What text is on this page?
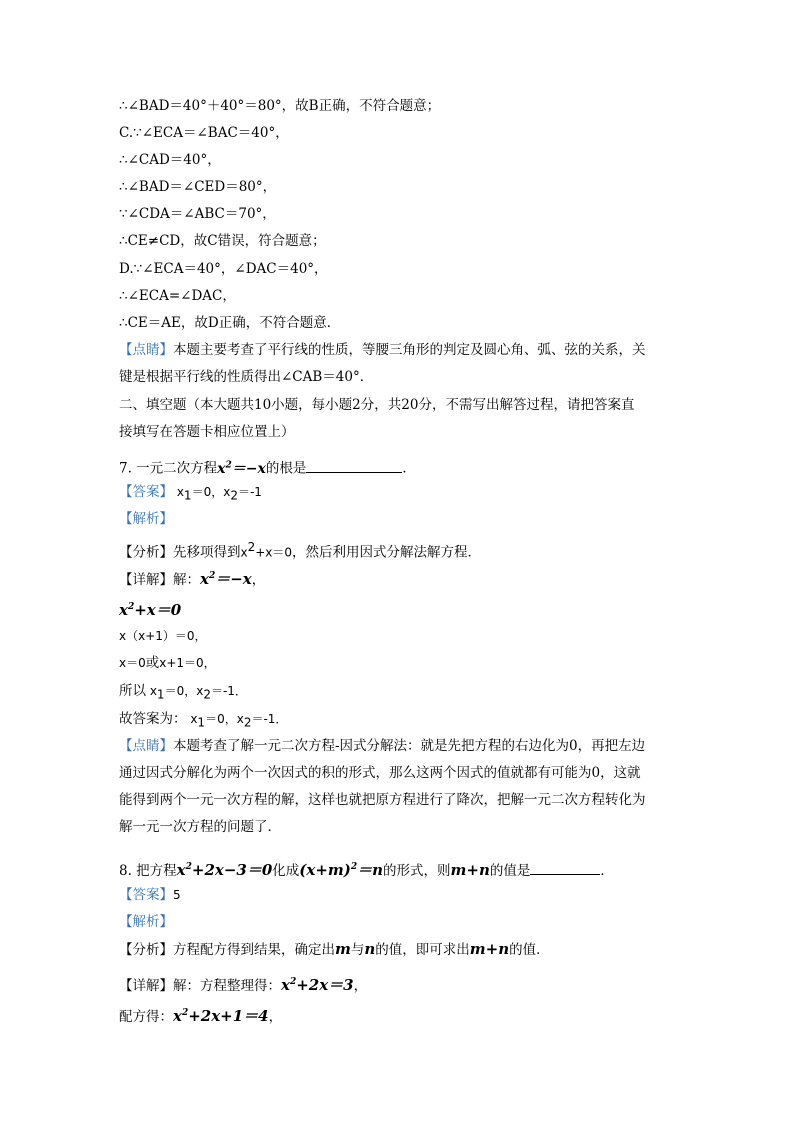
∴∠BAD＝40°＋40°＝80°，故B正确，不符合题意；
C.∵∠ECA＝∠BAC＝40°，
∴∠CAD＝40°，
∴∠BAD＝∠CED＝80°，
∵∠CDA＝∠ABC＝70°，
∴CE≠CD，故C错误，符合题意；
D.∵∠ECA＝40°，∠DAC＝40°，
∴∠ECA=∠DAC，
∴CE＝AE，故D正确，不符合题意．
【点睛】本题主要考查了平行线的性质，等腰三角形的判定及圆心角、弧、弦的关系，关
键是根据平行线的性质得出∠CAB＝40°．
二、填空题（本大题共10小题，每小题2分，共20分，不需写出解答过程，请把答案直
接填写在答题卡相应位置上）
7. 一元二次方程$x^2=-x$的根是	．
【答案】 $x_1=0$，$x_2=-1$
【解析】
【分析】先移项得到$x^2+x=0$，然后利用因式分解法解方程．
【详解】解：$x^2=-x$，
$x^2+x=0$
x（x+1）＝0，
x＝0或x+1＝0，
所以 $x_1=0$，$x_2=-1$．
故答案为： $x_1=0$，$x_2=-1$．
【点睛】本题考查了解一元二次方程-因式分解法：就是先把方程的右边化为0，再把左边
通过因式分解化为两个一次因式的积的形式，那么这两个因式的值就都有可能为0，这就
能得到两个一元一次方程的解，这样也就把原方程进行了降次，把解一元二次方程转化为
解一元一次方程的问题了．
8. 把方程$x^2+2x-3=0$化成$(x+m)^2=n$的形式，则m+n的值是	．
【答案】5
【解析】
【分析】方程配方得到结果，确定出m与n的值，即可求出m+n的值．
【详解】解：方程整理得：$x^2+2x=3$，
配方得：$x^2+2x+1=4$，
